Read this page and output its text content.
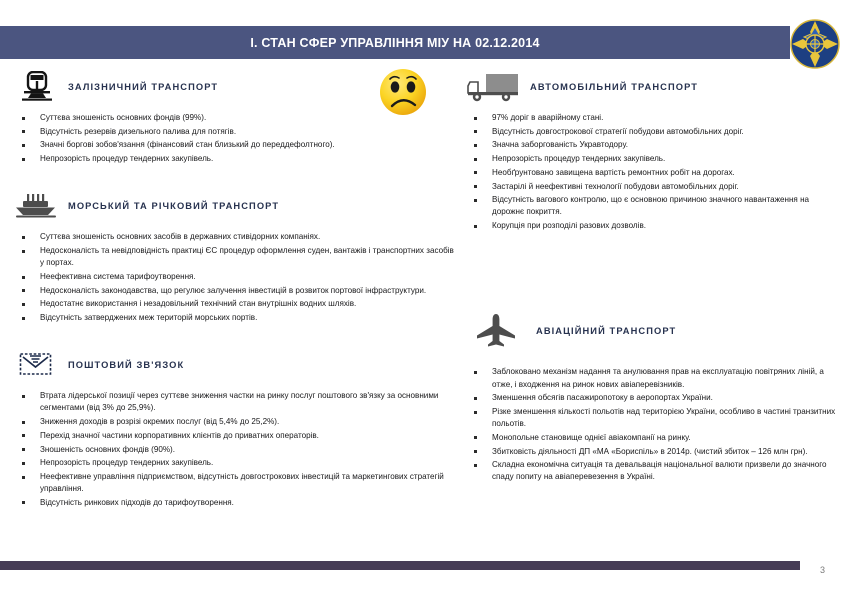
I. СТАН СФЕР УПРАВЛІННЯ МІУ НА 02.12.2014
ЗАЛІЗНИЧНИЙ ТРАНСПОРТ
Суттєва зношеність основних фондів (99%).
Відсутність резервів дизельного палива для потягів.
Значні боргові зобов'язання (фінансовий стан близький до переддефолтного).
Непрозорість процедур тендерних закупівель.
МОРСЬКИЙ ТА РІЧКОВИЙ ТРАНСПОРТ
Суттєва зношеність основних засобів в державних стивідорних компаніях.
Недосконалість та невідповідність практиці ЄС процедур оформлення суден, вантажів і транспортних засобів у портах.
Неефективна система тарифоутворення.
Недосконалість законодавства, що регулює залучення інвестицій в розвиток портової інфраструктури.
Недостатнє використання і незадовільний технічний стан внутрішніх водних шляхів.
Відсутність затверджених меж територій морських портів.
ПОШТОВИЙ ЗВ'ЯЗОК
Втрата лідерської позиції через суттєве зниження частки на ринку послуг поштового зв'язку за основними сегментами (від 3% до 25,9%).
Зниження доходів в розрізі окремих послуг (від 5,4% до 25,2%).
Перехід значної частини корпоративних клієнтів до приватних операторів.
Зношеність основних фондів (90%).
Непрозорість процедур тендерних закупівель.
Неефективне управління підприємством, відсутність довгострокових інвестицій та маркетингових стратегій управління.
Відсутність ринкових підходів до тарифоутворення.
АВТОМОБІЛЬНИЙ ТРАНСПОРТ
97% доріг в аварійному стані.
Відсутність довгострокової стратегії побудови автомобільних доріг.
Значна заборгованість Укравтодору.
Непрозорість процедур тендерних закупівель.
Необґрунтовано завищена вартість ремонтних робіт на дорогах.
Застарілі й неефективні технології побудови автомобільних доріг.
Відсутність вагового контролю, що є основною причиною значного навантаження на дорожнє покриття.
Корупція при розподілі разових дозволів.
АВІАЦІЙНИЙ ТРАНСПОРТ
Заблоковано механізм надання та анулювання прав на експлуатацію повітряних ліній, а отже, і входження на ринок нових авіаперевізників.
Зменшення обсягів пасажиропотоку в аеропортах України.
Різке зменшення кількості польотів над територією України, особливо в частині транзитних польотів.
Монопольне становище однієї авіакомпанії на ринку.
Збитковість діяльності ДП «МА «Бориспіль» в 2014р. (чистий збиток – 126 млн грн).
Складна економічна ситуація та девальвація національної валюти призвели до значного спаду попиту на авіаперевезення в Україні.
3
